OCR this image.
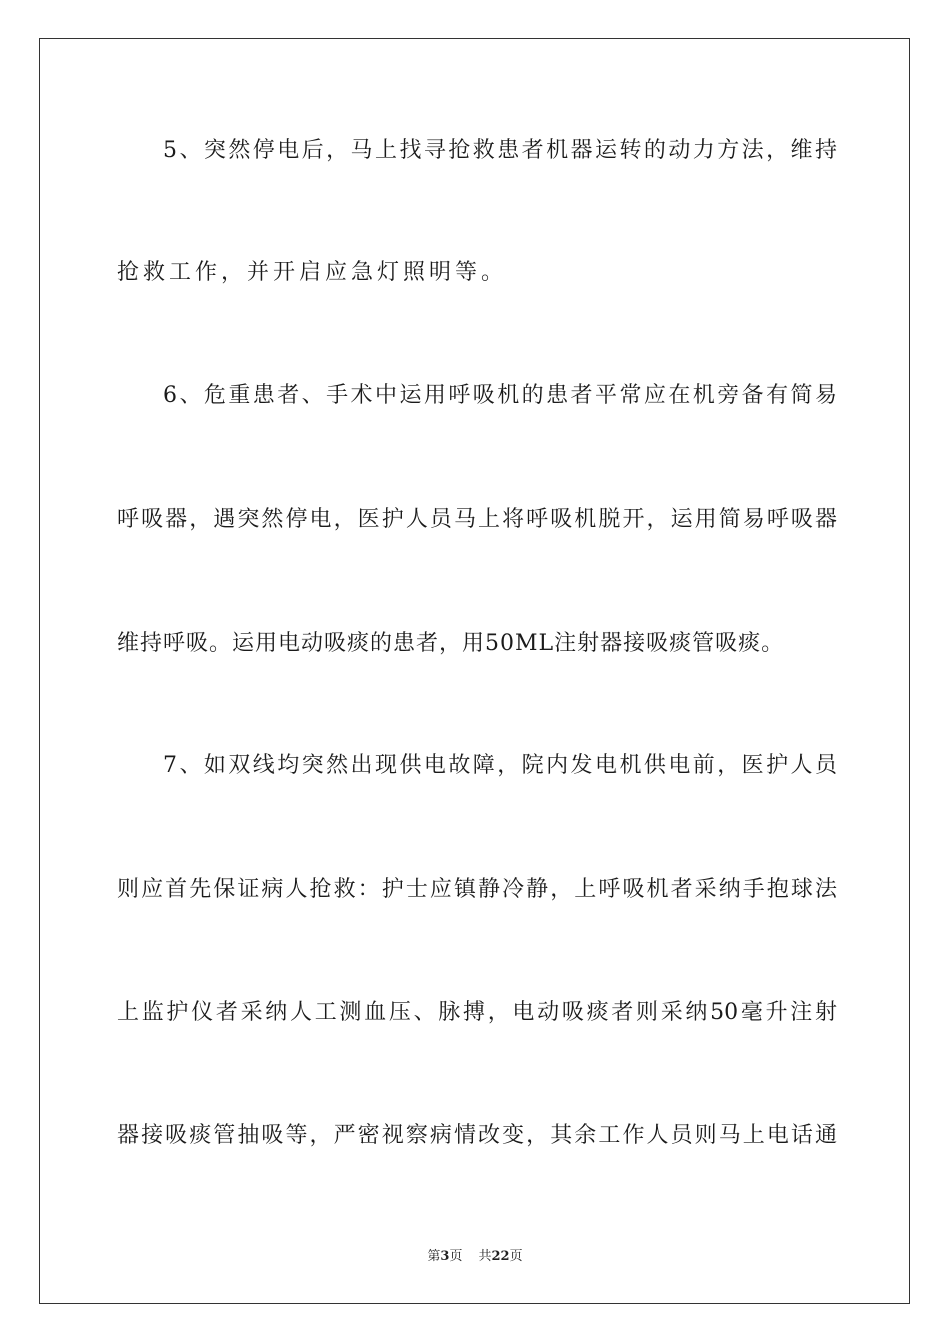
5、突然停电后，马上找寻抢救患者机器运转的动力方法，维持
抢救工作，并开启应急灯照明等。
6、危重患者、手术中运用呼吸机的患者平常应在机旁备有简易
呼吸器，遇突然停电，医护人员马上将呼吸机脱开，运用简易呼吸器
维持呼吸。运用电动吸痰的患者，用50ML注射器接吸痰管吸痰。
7、如双线均突然出现供电故障，院内发电机供电前，医护人员
则应首先保证病人抢救：护士应镇静冷静，上呼吸机者采纳手抱球法
上监护仪者采纳人工测血压、脉搏，电动吸痰者则采纳50毫升注射
器接吸痰管抽吸等，严密视察病情改变，其余工作人员则马上电话通
第3页 共22页
